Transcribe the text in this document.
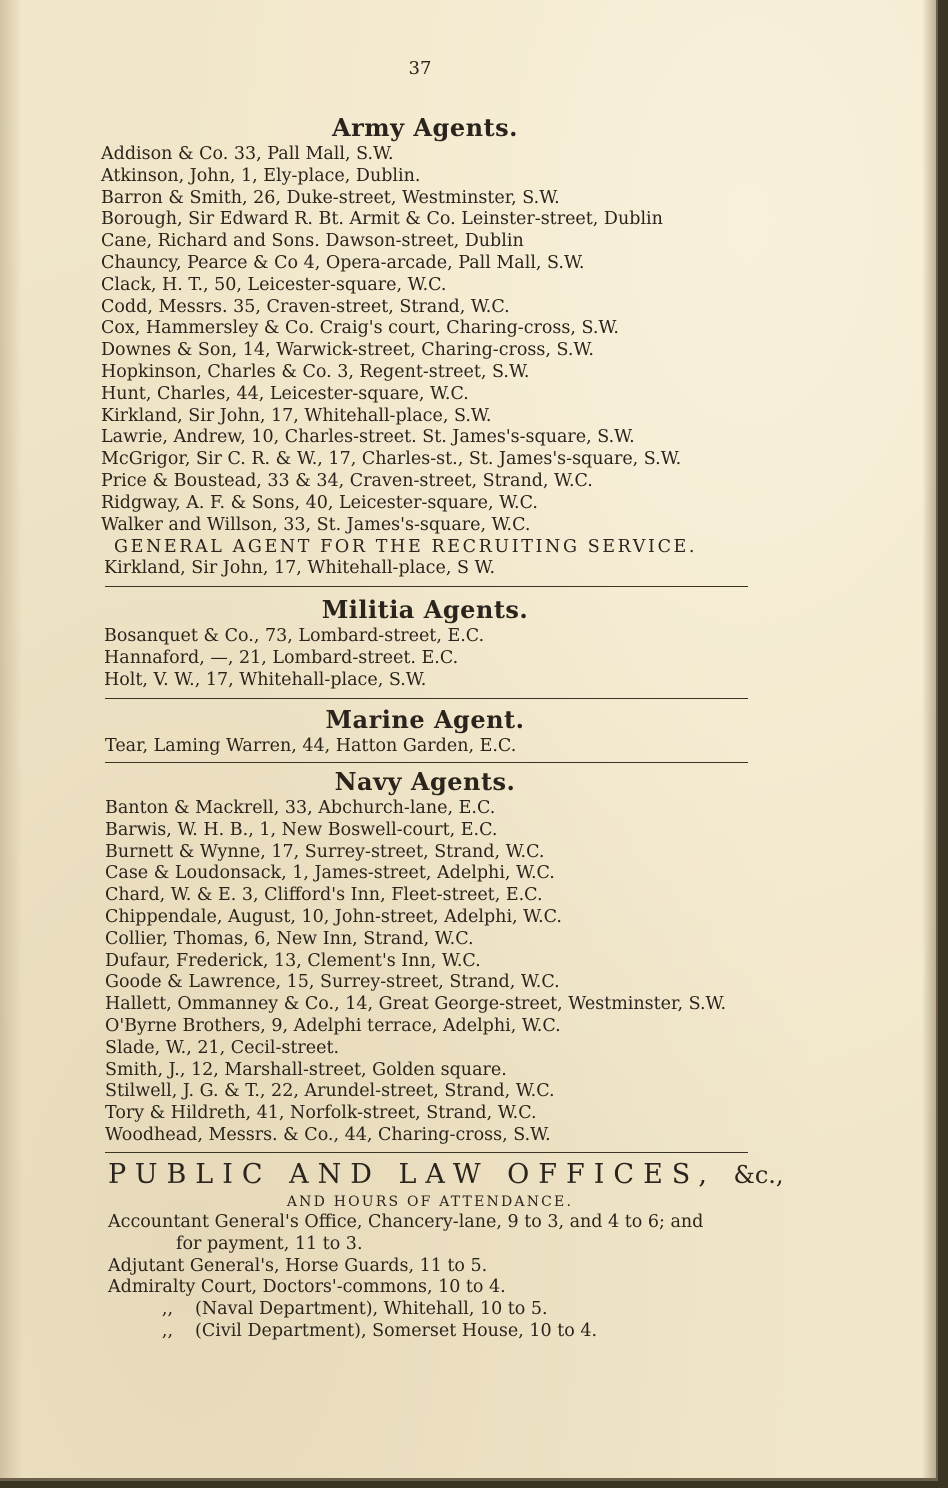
37
Army Agents.
Addison & Co. 33, Pall Mall, S.W.
Atkinson, John, 1, Ely-place, Dublin.
Barron & Smith, 26, Duke-street, Westminster, S.W.
Borough, Sir Edward R. Bt. Armit & Co. Leinster-street, Dublin
Cane, Richard and Sons. Dawson-street, Dublin
Chauncy, Pearce & Co 4, Opera-arcade, Pall Mall, S.W.
Clack, H. T., 50, Leicester-square, W.C.
Codd, Messrs. 35, Craven-street, Strand, W.C.
Cox, Hammersley & Co. Craig's court, Charing-cross, S.W.
Downes & Son, 14, Warwick-street, Charing-cross, S.W.
Hopkinson, Charles & Co. 3, Regent-street, S.W.
Hunt, Charles, 44, Leicester-square, W.C.
Kirkland, Sir John, 17, Whitehall-place, S.W.
Lawrie, Andrew, 10, Charles-street. St. James's-square, S.W.
McGrigor, Sir C. R. & W., 17, Charles-st., St. James's-square, S.W.
Price & Boustead, 33 & 34, Craven-street, Strand, W.C.
Ridgway, A. F. & Sons, 40, Leicester-square, W.C.
Walker and Willson, 33, St. James's-square, W.C.
GENERAL AGENT FOR THE RECRUITING SERVICE.
Kirkland, Sir John, 17, Whitehall-place, S W.
Militia Agents.
Bosanquet & Co., 73, Lombard-street, E.C.
Hannaford, —, 21, Lombard-street. E.C.
Holt, V. W., 17, Whitehall-place, S.W.
Marine Agent.
Tear, Laming Warren, 44, Hatton Garden, E.C.
Navy Agents.
Banton & Mackrell, 33, Abchurch-lane, E.C.
Barwis, W. H. B., 1, New Boswell-court, E.C.
Burnett & Wynne, 17, Surrey-street, Strand, W.C.
Case & Loudonsack, 1, James-street, Adelphi, W.C.
Chard, W. & E. 3, Clifford's Inn, Fleet-street, E.C.
Chippendale, August, 10, John-street, Adelphi, W.C.
Collier, Thomas, 6, New Inn, Strand, W.C.
Dufaur, Frederick, 13, Clement's Inn, W.C.
Goode & Lawrence, 15, Surrey-street, Strand, W.C.
Hallett, Ommanney & Co., 14, Great George-street, Westminster, S.W.
O'Byrne Brothers, 9, Adelphi terrace, Adelphi, W.C.
Slade, W., 21, Cecil-street.
Smith, J., 12, Marshall-street, Golden square.
Stilwell, J. G. & T., 22, Arundel-street, Strand, W.C.
Tory & Hildreth, 41, Norfolk-street, Strand, W.C.
Woodhead, Messrs. & Co., 44, Charing-cross, S.W.
PUBLIC AND LAW OFFICES, &c.,
AND HOURS OF ATTENDANCE.
Accountant General's Office, Chancery-lane, 9 to 3, and 4 to 6; and
for payment, 11 to 3.
Adjutant General's, Horse Guards, 11 to 5.
Admiralty Court, Doctors'-commons, 10 to 4.
,, (Naval Department), Whitehall, 10 to 5.
,, (Civil Department), Somerset House, 10 to 4.
